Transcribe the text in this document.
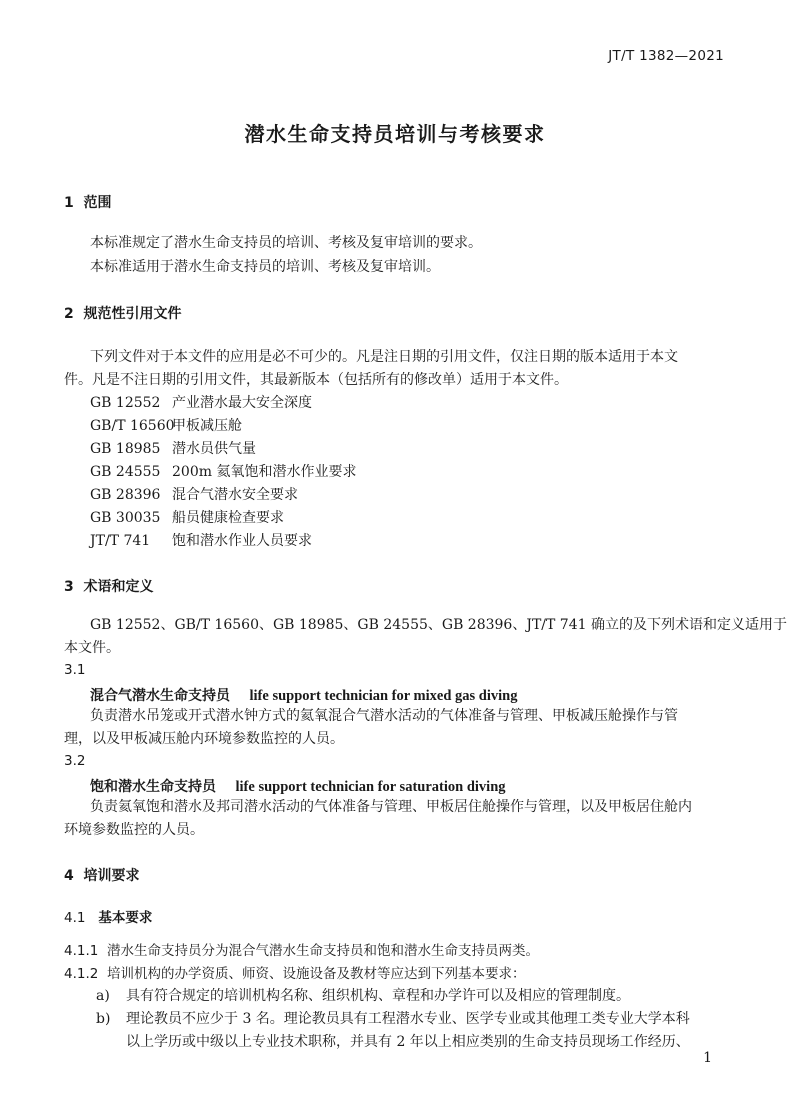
JT/T 1382—2021
潜水生命支持员培训与考核要求
1  范围
本标准规定了潜水生命支持员的培训、考核及复审培训的要求。
本标准适用于潜水生命支持员的培训、考核及复审培训。
2  规范性引用文件
下列文件对于本文件的应用是必不可少的。凡是注日期的引用文件，仅注日期的版本适用于本文
件。凡是不注日期的引用文件，其最新版本（包括所有的修改单）适用于本文件。
GB 12552 产业潜水最大安全深度
GB/T 16560甲板减压舱
GB 18985 潜水员供气量
GB 24555 200m 氦氧饱和潜水作业要求
GB 28396 混合气潜水安全要求
GB 30035 船员健康检查要求
JT/T 741 饱和潜水作业人员要求
3  术语和定义
GB 12552、GB/T 16560、GB 18985、GB 24555、GB 28396、JT/T 741 确立的及下列术语和定义适用于
本文件。
3.1
混合气潜水生命支持员 life support technician for mixed gas diving
负责潜水吊笼或开式潜水钟方式的氦氧混合气潜水活动的气体准备与管理、甲板减压舱操作与管
理，以及甲板减压舱内环境参数监控的人员。
3.2
饱和潜水生命支持员 life support technician for saturation diving
负责氦氧饱和潜水及邦司潜水活动的气体准备与管理、甲板居住舱操作与管理，以及甲板居住舱内
环境参数监控的人员。
4  培训要求
4.1 基本要求
4.1.1 潜水生命支持员分为混合气潜水生命支持员和饱和潜水生命支持员两类。
4.1.2 培训机构的办学资质、师资、设施设备及教材等应达到下列基本要求：
a) 具有符合规定的培训机构名称、组织机构、章程和办学许可以及相应的管理制度。
b) 理论教员不应少于 3 名。理论教员具有工程潜水专业、医学专业或其他理工类专业大学本科
以上学历或中级以上专业技术职称，并具有 2 年以上相应类别的生命支持员现场工作经历、
1
